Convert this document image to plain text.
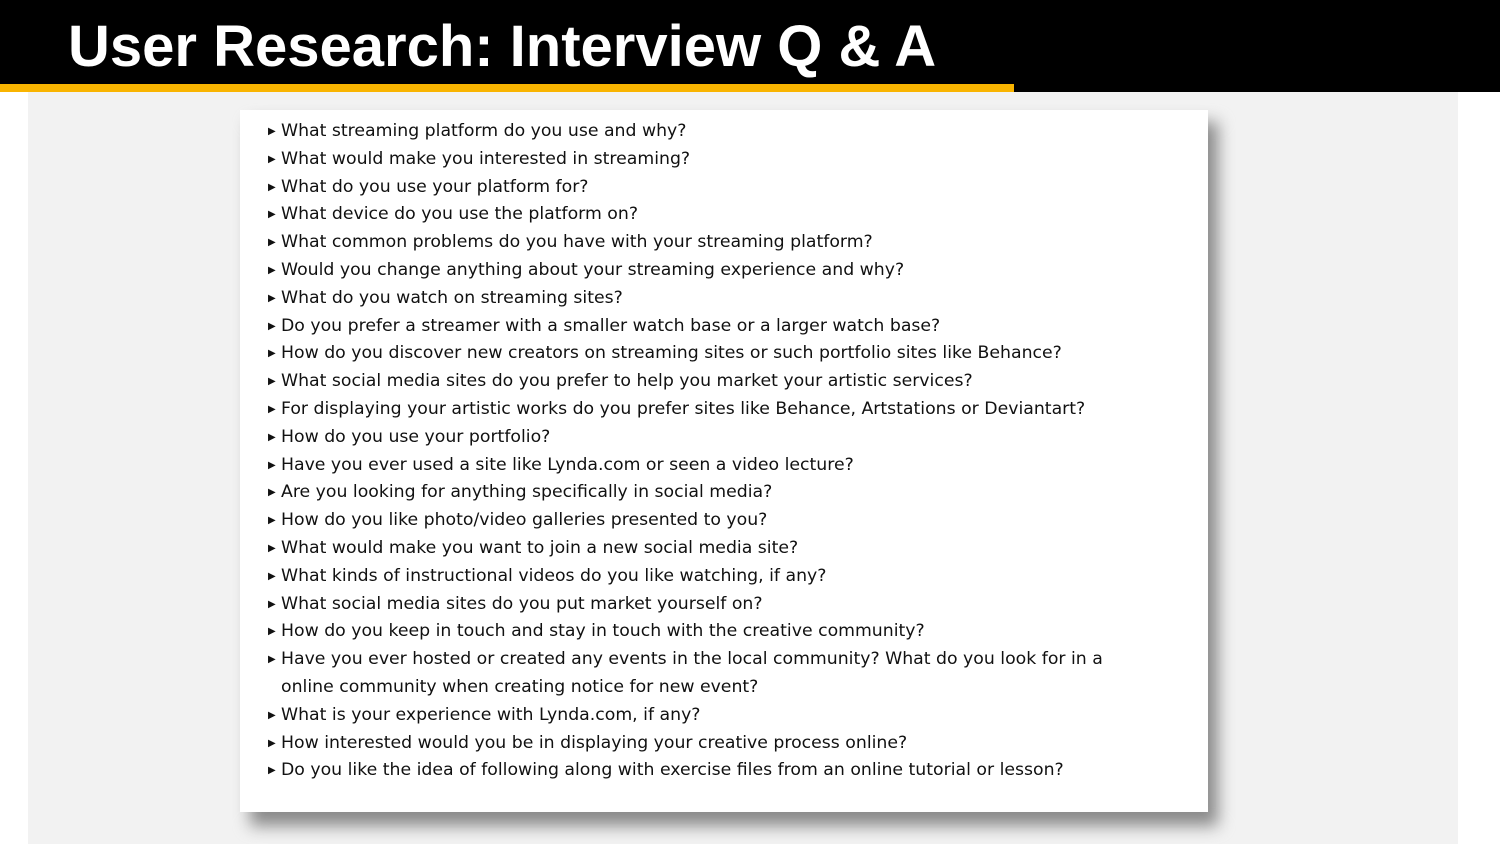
User Research: Interview Q & A
▶ What streaming platform do you use and why?
▶ What would make you interested in streaming?
▶ What do you use your platform for?
▶ What device do you use the platform on?
▶ What common problems do you have with your streaming platform?
▶ Would you change anything about your streaming experience and why?
▶ What do you watch on streaming sites?
▶ Do you prefer a streamer with a smaller watch base or a larger watch base?
▶ How do you discover new creators on streaming sites or such portfolio sites like Behance?
▶ What social media sites do you prefer to help you market your artistic services?
▶ For displaying your artistic works do you prefer sites like Behance, Artstations or Deviantart?
▶ How do you use your portfolio?
▶ Have you ever used a site like Lynda.com or seen a video lecture?
▶ Are you looking for anything specifically in social media?
▶ How do you like photo/video galleries presented to you?
▶ What would make you want to join a new social media site?
▶ What kinds of instructional videos do you like watching, if any?
▶ What social media sites do you put market yourself on?
▶ How do you keep in touch and stay in touch with the creative community?
▶ Have you ever hosted or created any events in the local community? What do you look for in a online community when creating notice for new event?
▶ What is your experience with Lynda.com, if any?
▶ How interested would you be in displaying your creative process online?
▶ Do you like the idea of following along with exercise files from an online tutorial or lesson?
